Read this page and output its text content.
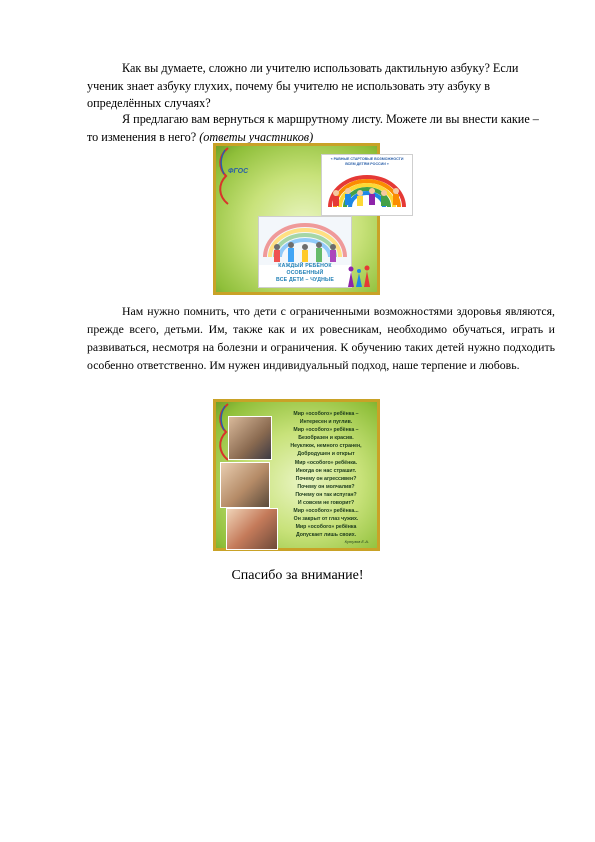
Как вы думаете, сложно ли учителю использовать дактильную азбуку? Если ученик знает азбуку глухих, почему бы учителю не использовать эту азбуку в определённых случаях?

Я предлагаю вам вернуться к маршрутному листу. Можете ли вы внести какие – то изменения в него? (ответы участников)

ФГОС
« РАВНЫЕ СТАРТОВЫЕ ВОЗМОЖНОСТИ ВСЕМ ДЕТЯМ РОССИИ »
КАЖДЫЙ РЕБЁНОК ОСОБЕННЫЙ
ВСЕ ДЕТИ – ЧУДНЫЕ

Нам нужно помнить, что дети с ограниченными возможностями здоровья являются, прежде всего, детьми. Им, также как и их ровесникам, необходимо обучаться, играть и развиваться, несмотря на болезни и ограничения. К обучению таких детей нужно подходить особенно ответственно. Им нужен индивидуальный подход, наше терпение и любовь.

Мир «особого» ребёнка –
Интересен и пуглив.
Мир «особого» ребёнка –
Безобразен и красив.
Неуклюж, немного странен,
Добродушен и открыт
Мир «особого» ребёнка.
Иногда он нас страшит.
Почему он агрессивен?
Почему он молчалив?
Почему он так испуган?
И совсем не говорит?
Мир «особого» ребёнка...
Он закрыт от глаз чужих.
Мир «особого» ребёнка
Допускает лишь своих.
Кутузов Е.А.
Спасибо за внимание!
